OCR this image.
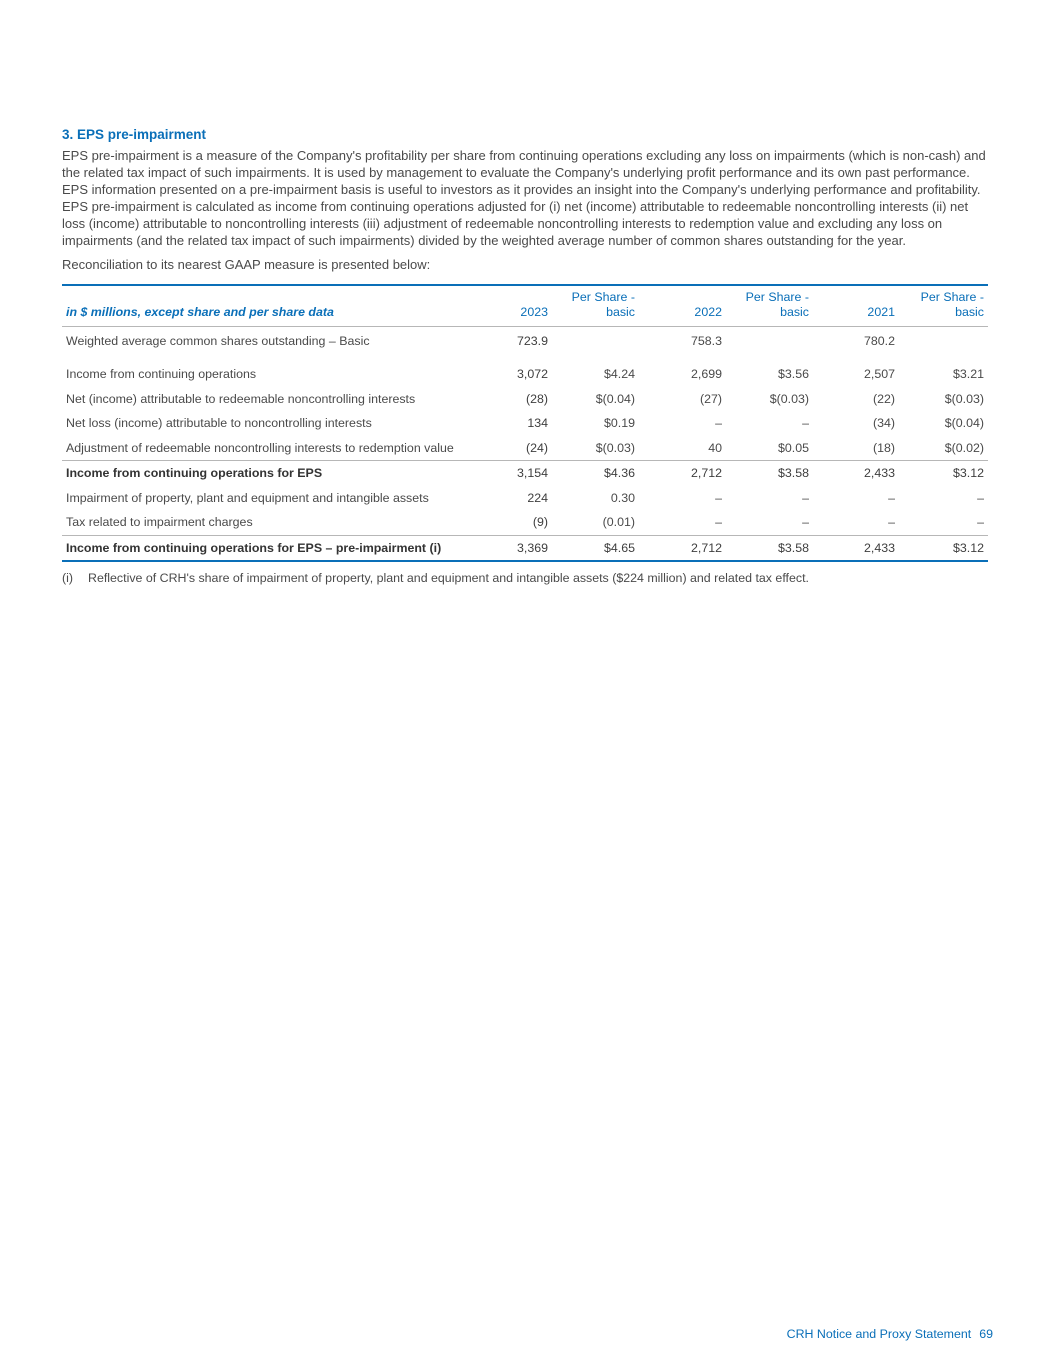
3. EPS pre-impairment

EPS pre-impairment is a measure of the Company's profitability per share from continuing operations excluding any loss on impairments (which is non-cash) and the related tax impact of such impairments. It is used by management to evaluate the Company's underlying profit performance and its own past performance. EPS information presented on a pre-impairment basis is useful to investors as it provides an insight into the Company's underlying performance and profitability. EPS pre-impairment is calculated as income from continuing operations adjusted for (i) net (income) attributable to redeemable noncontrolling interests (ii) net loss (income) attributable to noncontrolling interests (iii) adjustment of redeemable noncontrolling interests to redemption value and excluding any loss on impairments (and the related tax impact of such impairments) divided by the weighted average number of common shares outstanding for the year.

Reconciliation to its nearest GAAP measure is presented below:

in $ millions, except share and per share data	2023	Per Share - basic	2022	Per Share - basic	2021	Per Share - basic
Weighted average common shares outstanding – Basic	723.9		758.3		780.2	
Income from continuing operations	3,072	$4.24	2,699	$3.56	2,507	$3.21
Net (income) attributable to redeemable noncontrolling interests	(28)	$(0.04)	(27)	$(0.03)	(22)	$(0.03)
Net loss (income) attributable to noncontrolling interests	134	$0.19	–	–	(34)	$(0.04)
Adjustment of redeemable noncontrolling interests to redemption value	(24)	$(0.03)	40	$0.05	(18)	$(0.02)
Income from continuing operations for EPS	3,154	$4.36	2,712	$3.58	2,433	$3.12
Impairment of property, plant and equipment and intangible assets	224	0.30	–	–	–	–
Tax related to impairment charges	(9)	(0.01)	–	–	–	–
Income from continuing operations for EPS – pre-impairment (i)	3,369	$4.65	2,712	$3.58	2,433	$3.12
(i)	Reflective of CRH's share of impairment of property, plant and equipment and intangible assets ($224 million) and related tax effect.
CRH Notice and Proxy Statement 69
